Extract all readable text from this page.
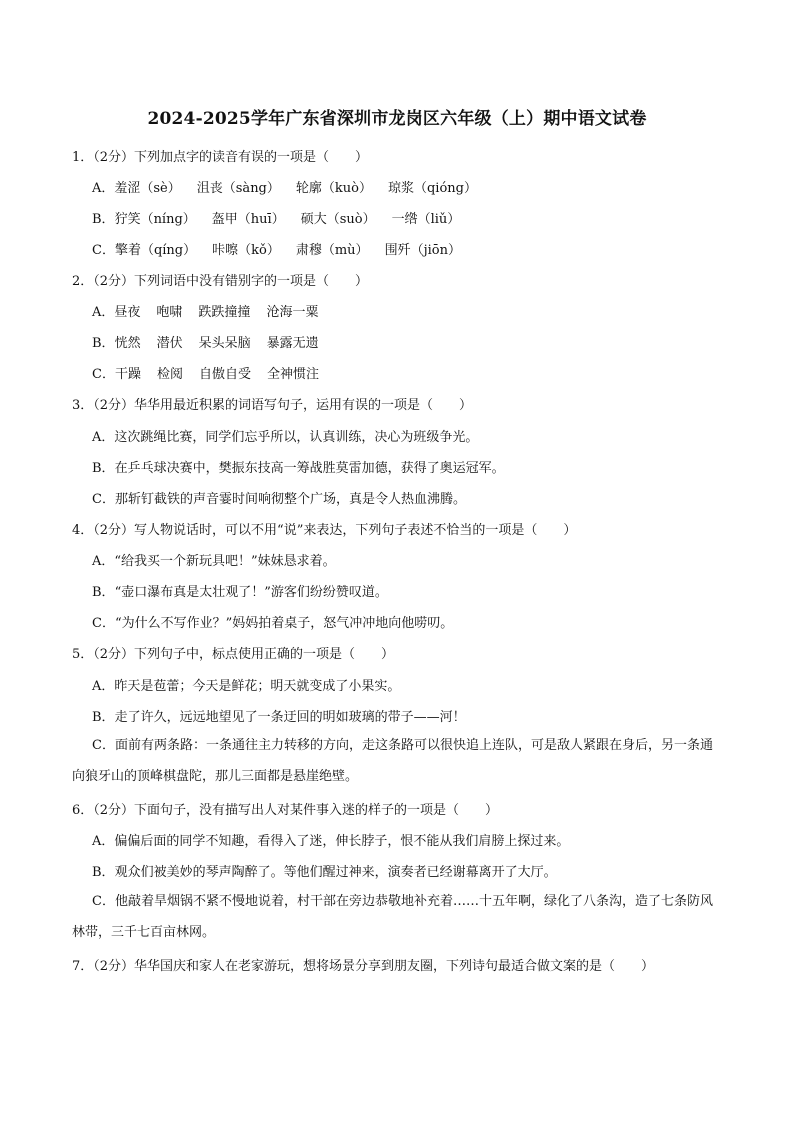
2024-2025学年广东省深圳市龙岗区六年级（上）期中语文试卷
1．（2分）下列加点字的读音有误的一项是（　　）
A．羞涩（sè） 沮丧（sàng） 轮廓（kuò） 琼浆（qióng）
B．狞笑（níng） 盔甲（huī） 硕大（suò） 一绺（liǔ）
C．擎着（qíng） 咔嚓（kǒ） 肃穆（mù） 围歼（jiōn）
2．（2分）下列词语中没有错别字的一项是（　　）
A．昼夜 咆啸 跌跌撞撞 沧海一粟
B．恍然 潜伏 呆头呆脑 暴露无遗
C．干躁 检阅 自傲自受 全神惯注
3．（2分）华华用最近积累的词语写句子，运用有误的一项是（　　）
A．这次跳绳比赛，同学们忘乎所以，认真训练，决心为班级争光。
B．在乒乓球决赛中，樊振东技高一筹战胜莫雷加德，获得了奥运冠军。
C．那斩钉截铁的声音霎时间响彻整个广场，真是令人热血沸腾。
4．（2分）写人物说话时，可以不用“说”来表达，下列句子表述不恰当的一项是（　　）
A．“给我买一个新玩具吧！”妹妹恳求着。
B．“壶口瀑布真是太壮观了！”游客们纷纷赞叹道。
C．“为什么不写作业？”妈妈拍着桌子，怒气冲冲地向他唠叨。
5．（2分）下列句子中，标点使用正确的一项是（　　）
A．昨天是苞蕾；今天是鲜花；明天就变成了小果实。
B．走了许久，远远地望见了一条迂回的明如玻璃的带子——河！
C．面前有两条路：一条通往主力转移的方向，走这条路可以很快追上连队，可是敌人紧跟在身后，另一条通向狼牙山的顶峰棋盘陀，那儿三面都是悬崖绝壁。
6．（2分）下面句子，没有描写出人对某件事入迷的样子的一项是（　　）
A．偏偏后面的同学不知趣，看得入了迷，伸长脖子，恨不能从我们肩膀上探过来。
B．观众们被美妙的琴声陶醉了。等他们醒过神来，演奏者已经谢幕离开了大厅。
C．他敲着旱烟锅不紧不慢地说着，村干部在旁边恭敬地补充着……十五年啊，绿化了八条沟，造了七条防风林带，三千七百亩林网。
7．（2分）华华国庆和家人在老家游玩，想将场景分享到朋友圈，下列诗句最适合做文案的是（　　）
